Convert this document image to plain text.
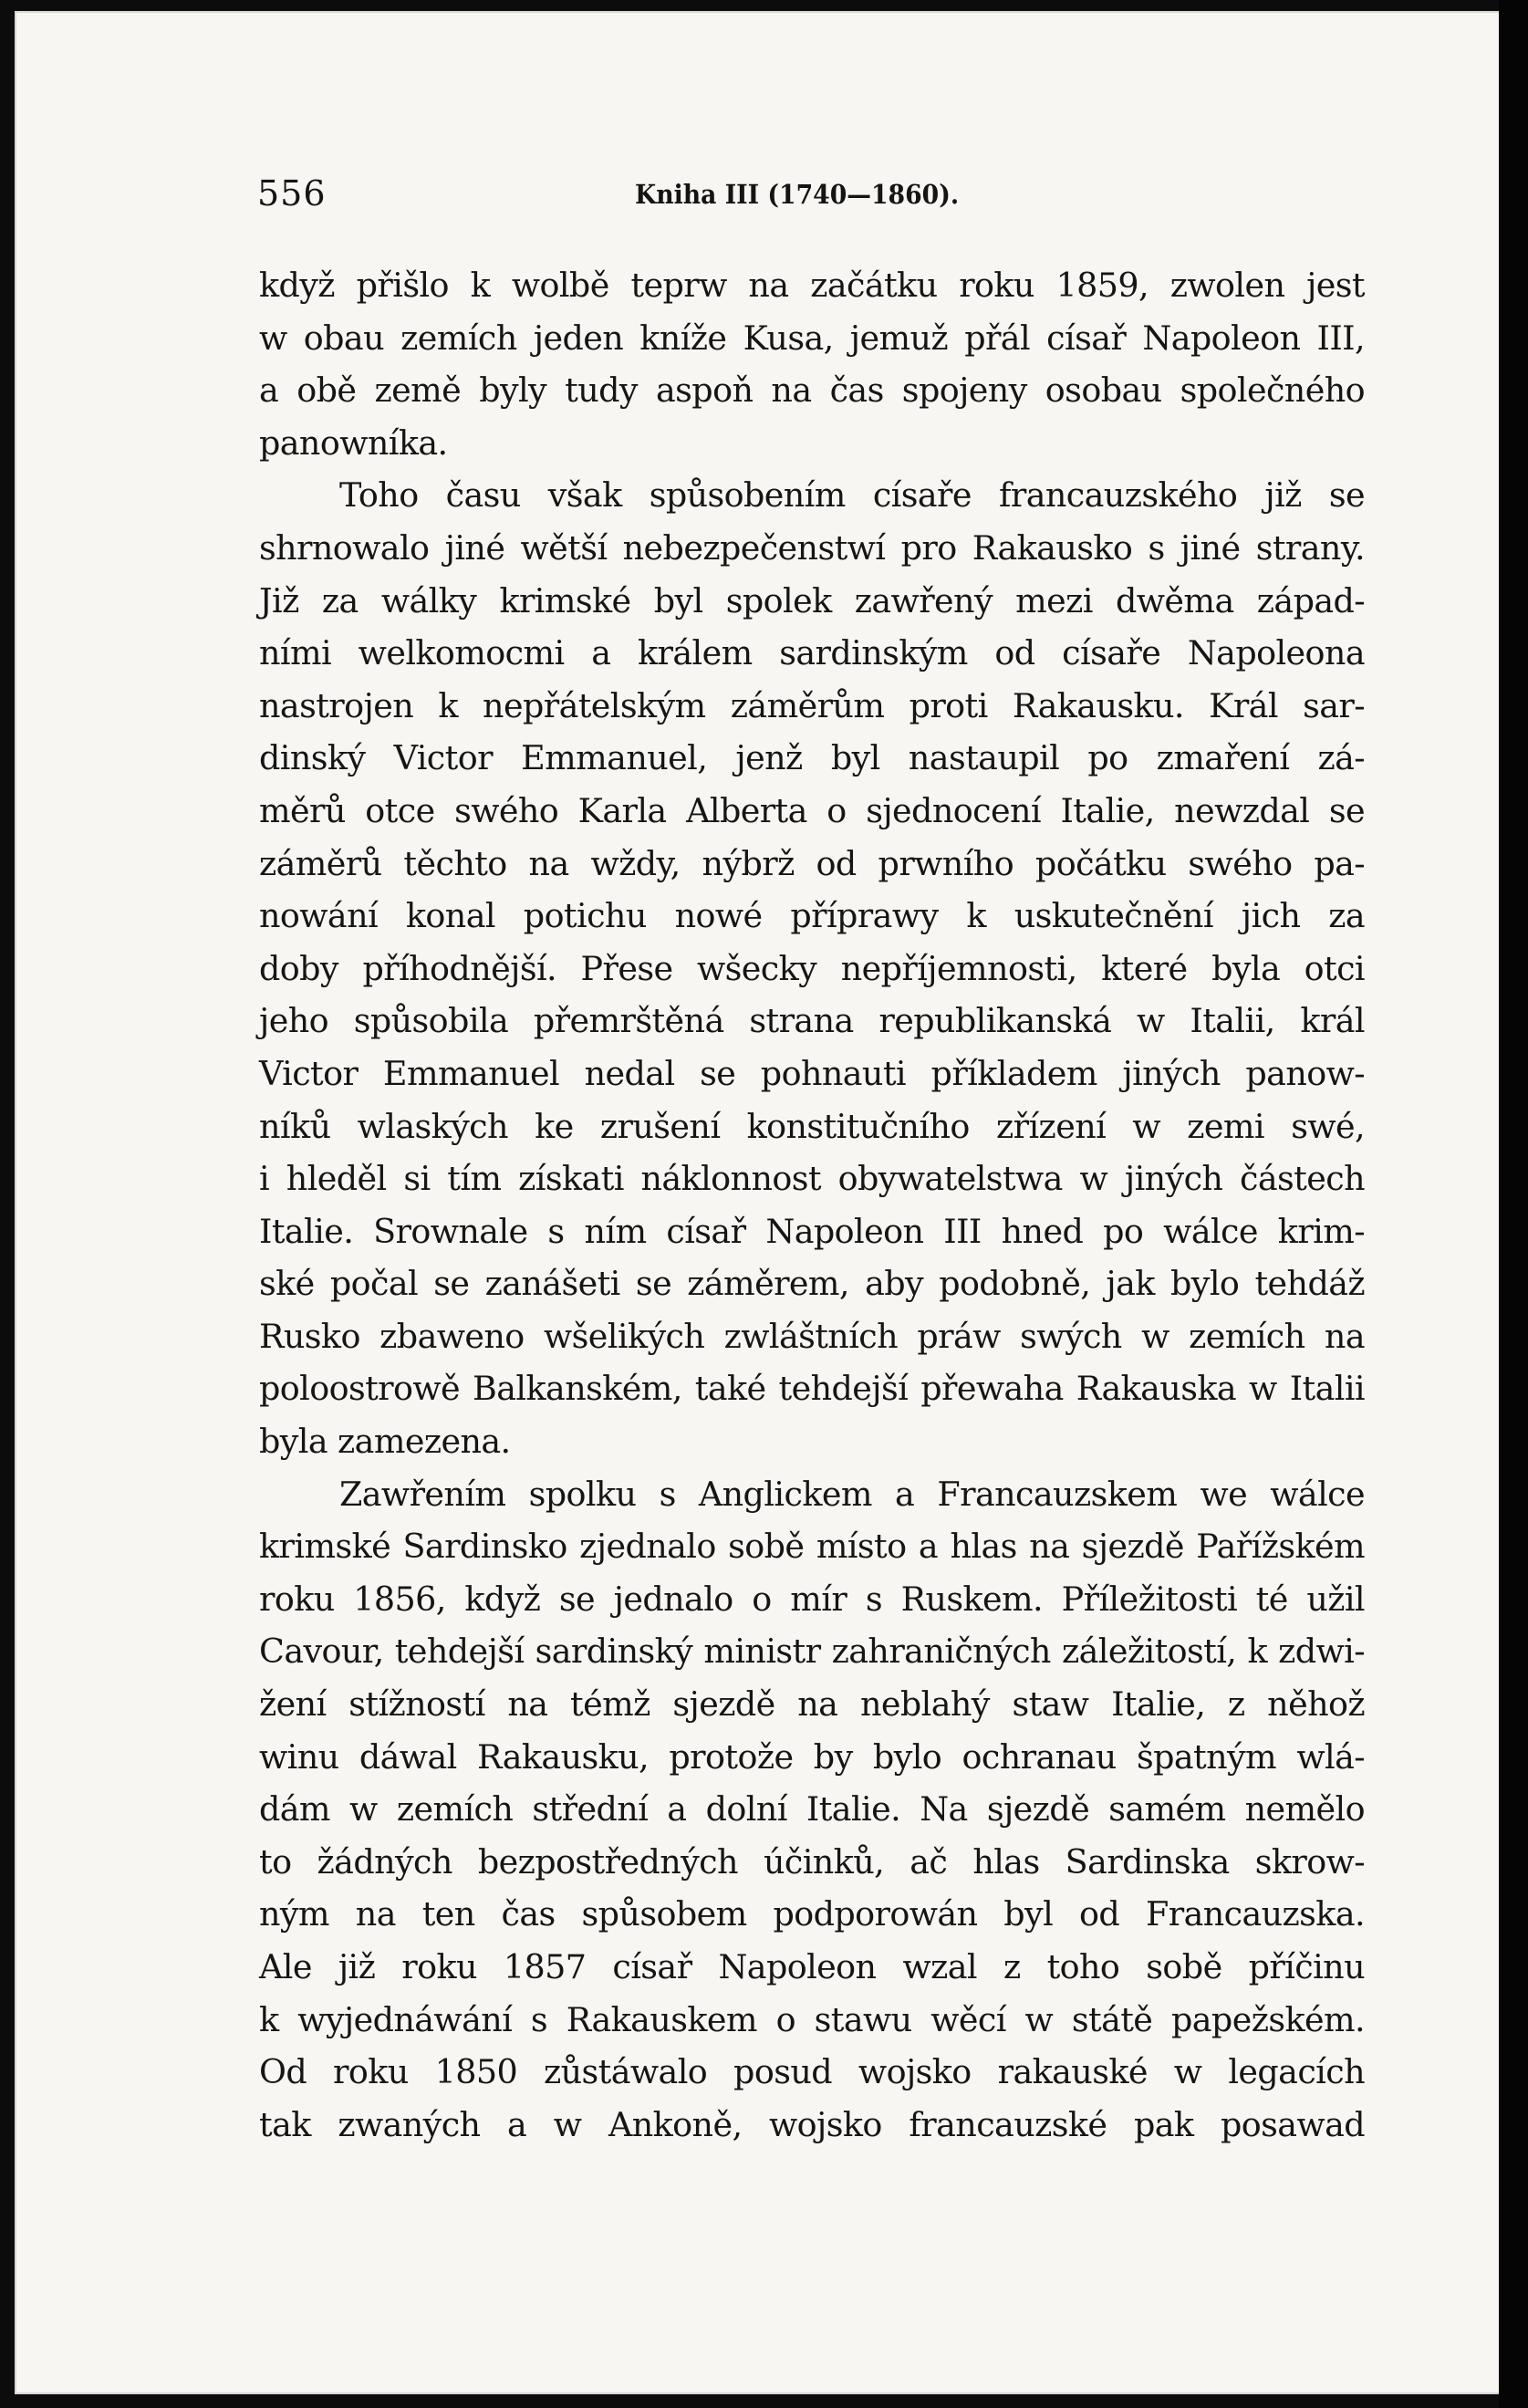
556	Kniha III (1740—1860).
když přišlo k wolbě teprw na začátku roku 1859, zwolen jest
w obau zemích jeden kníže Kusa, jemuž přál císař Napoleon III,
a obě země byly tudy aspoň na čas spojeny osobau společného
panowníka.
Toho času však spůsobením císaře francauzského již se
shrnowalo jiné wětší nebezpečenstwí pro Rakausko s jiné strany.
Již za wálky krimské byl spolek zawřený mezi dwěma západ-
ními welkomocmi a králem sardinským od císaře Napoleona
nastrojen k nepřátelským záměrům proti Rakausku. Král sar-
dinský Victor Emmanuel, jenž byl nastaupil po zmaření zá-
měrů otce swého Karla Alberta o sjednocení Italie, newzdal se
záměrů těchto na wždy, nýbrž od prwního počátku swého pa-
nowání konal potichu nowé příprawy k uskutečnění jich za
doby příhodnější. Přese wšecky nepříjemnosti, které byla otci
jeho spůsobila přemrštěná strana republikanská w Italii, král
Victor Emmanuel nedal se pohnauti příkladem jiných panow-
níků wlaských ke zrušení konstitučního zřízení w zemi swé,
i hleděl si tím získati náklonnost obywatelstwa w jiných částech
Italie. Srownale s ním císař Napoleon III hned po wálce krim-
ské počal se zanášeti se záměrem, aby podobně, jak bylo tehdáž
Rusko zbaweno wšelikých zwláštních práw swých w zemích na
poloostrowě Balkanském, také tehdejší přewaha Rakauska w Italii
byla zamezena.
Zawřením spolku s Anglickem a Francauzskem we wálce
krimské Sardinsko zjednalo sobě místo a hlas na sjezdě Pařížském
roku 1856, když se jednalo o mír s Ruskem. Příležitosti té užil
Cavour, tehdejší sardinský ministr zahraničných záležitostí, k zdwi-
žení stížností na témž sjezdě na neblahý staw Italie, z něhož
winu dáwal Rakausku, protože by bylo ochranau špatným wlá-
dám w zemích střední a dolní Italie. Na sjezdě samém nemělo
to žádných bezpostředných účinků, ač hlas Sardinska skrow-
ným na ten čas spůsobem podporowán byl od Francauzska.
Ale již roku 1857 císař Napoleon wzal z toho sobě příčinu
k wyjednáwání s Rakauskem o stawu wěcí w státě papežském.
Od roku 1850 zůstáwalo posud wojsko rakauské w legacích
tak zwaných a w Ankoně, wojsko francauzské pak posawad
